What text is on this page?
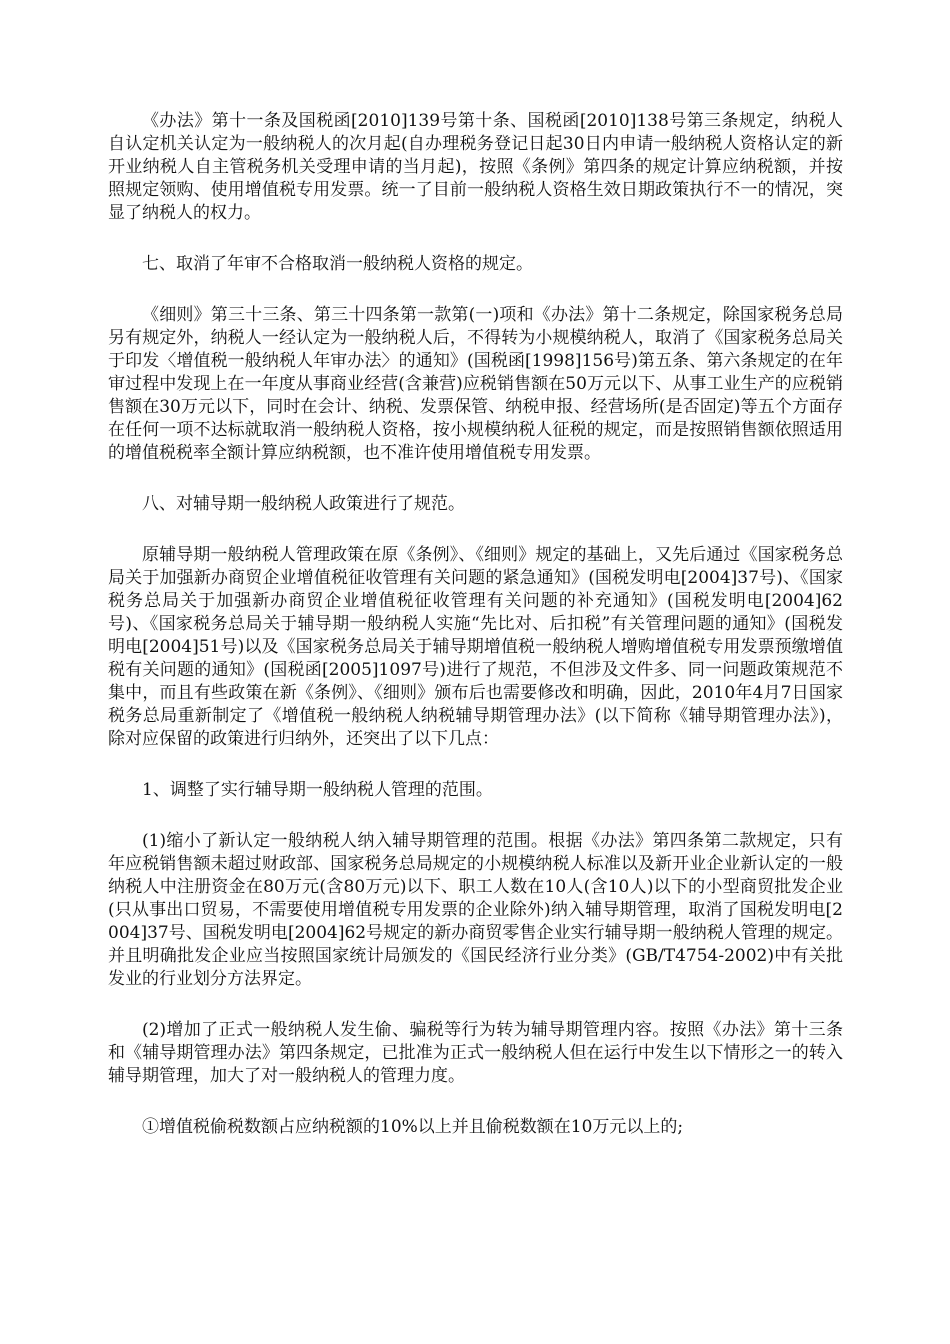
《办法》第十一条及国税函[2010]139号第十条、国税函[2010]138号第三条规定，纳税人自认定机关认定为一般纳税人的次月起(自办理税务登记日起30日内申请一般纳税人资格认定的新开业纳税人自主管税务机关受理申请的当月起)，按照《条例》第四条的规定计算应纳税额，并按照规定领购、使用增值税专用发票。统一了目前一般纳税人资格生效日期政策执行不一的情况，突显了纳税人的权力。

七、取消了年审不合格取消一般纳税人资格的规定。

《细则》第三十三条、第三十四条第一款第(一)项和《办法》第十二条规定，除国家税务总局另有规定外，纳税人一经认定为一般纳税人后，不得转为小规模纳税人，取消了《国家税务总局关于印发〈增值税一般纳税人年审办法〉的通知》(国税函[1998]156号)第五条、第六条规定的在年审过程中发现上在一年度从事商业经营(含兼营)应税销售额在50万元以下、从事工业生产的应税销售额在30万元以下，同时在会计、纳税、发票保管、纳税申报、经营场所(是否固定)等五个方面存在任何一项不达标就取消一般纳税人资格，按小规模纳税人征税的规定，而是按照销售额依照适用的增值税税率全额计算应纳税额，也不准许使用增值税专用发票。

八、对辅导期一般纳税人政策进行了规范。

原辅导期一般纳税人管理政策在原《条例》、《细则》规定的基础上，又先后通过《国家税务总局关于加强新办商贸企业增值税征收管理有关问题的紧急通知》(国税发明电[2004]37号)、《国家税务总局关于加强新办商贸企业增值税征收管理有关问题的补充通知》(国税发明电[2004]62号)、《国家税务总局关于辅导期一般纳税人实施“先比对、后扣税”有关管理问题的通知》(国税发明电[2004]51号)以及《国家税务总局关于辅导期增值税一般纳税人增购增值税专用发票预缴增值税有关问题的通知》(国税函[2005]1097号)进行了规范，不但涉及文件多、同一问题政策规范不集中，而且有些政策在新《条例》、《细则》颁布后也需要修改和明确，因此，2010年4月7日国家税务总局重新制定了《增值税一般纳税人纳税辅导期管理办法》(以下简称《辅导期管理办法》)，除对应保留的政策进行归纳外，还突出了以下几点：

1、调整了实行辅导期一般纳税人管理的范围。

(1)缩小了新认定一般纳税人纳入辅导期管理的范围。根据《办法》第四条第二款规定，只有年应税销售额未超过财政部、国家税务总局规定的小规模纳税人标准以及新开业企业新认定的一般纳税人中注册资金在80万元(含80万元)以下、职工人数在10人(含10人)以下的小型商贸批发企业(只从事出口贸易，不需要使用增值税专用发票的企业除外)纳入辅导期管理，取消了国税发明电[2004]37号、国税发明电[2004]62号规定的新办商贸零售企业实行辅导期一般纳税人管理的规定。并且明确批发企业应当按照国家统计局颁发的《国民经济行业分类》(GB/T4754-2002)中有关批发业的行业划分方法界定。

(2)增加了正式一般纳税人发生偷、骗税等行为转为辅导期管理内容。按照《办法》第十三条和《辅导期管理办法》第四条规定，已批准为正式一般纳税人但在运行中发生以下情形之一的转入辅导期管理，加大了对一般纳税人的管理力度。

①增值税偷税数额占应纳税额的10%以上并且偷税数额在10万元以上的;
